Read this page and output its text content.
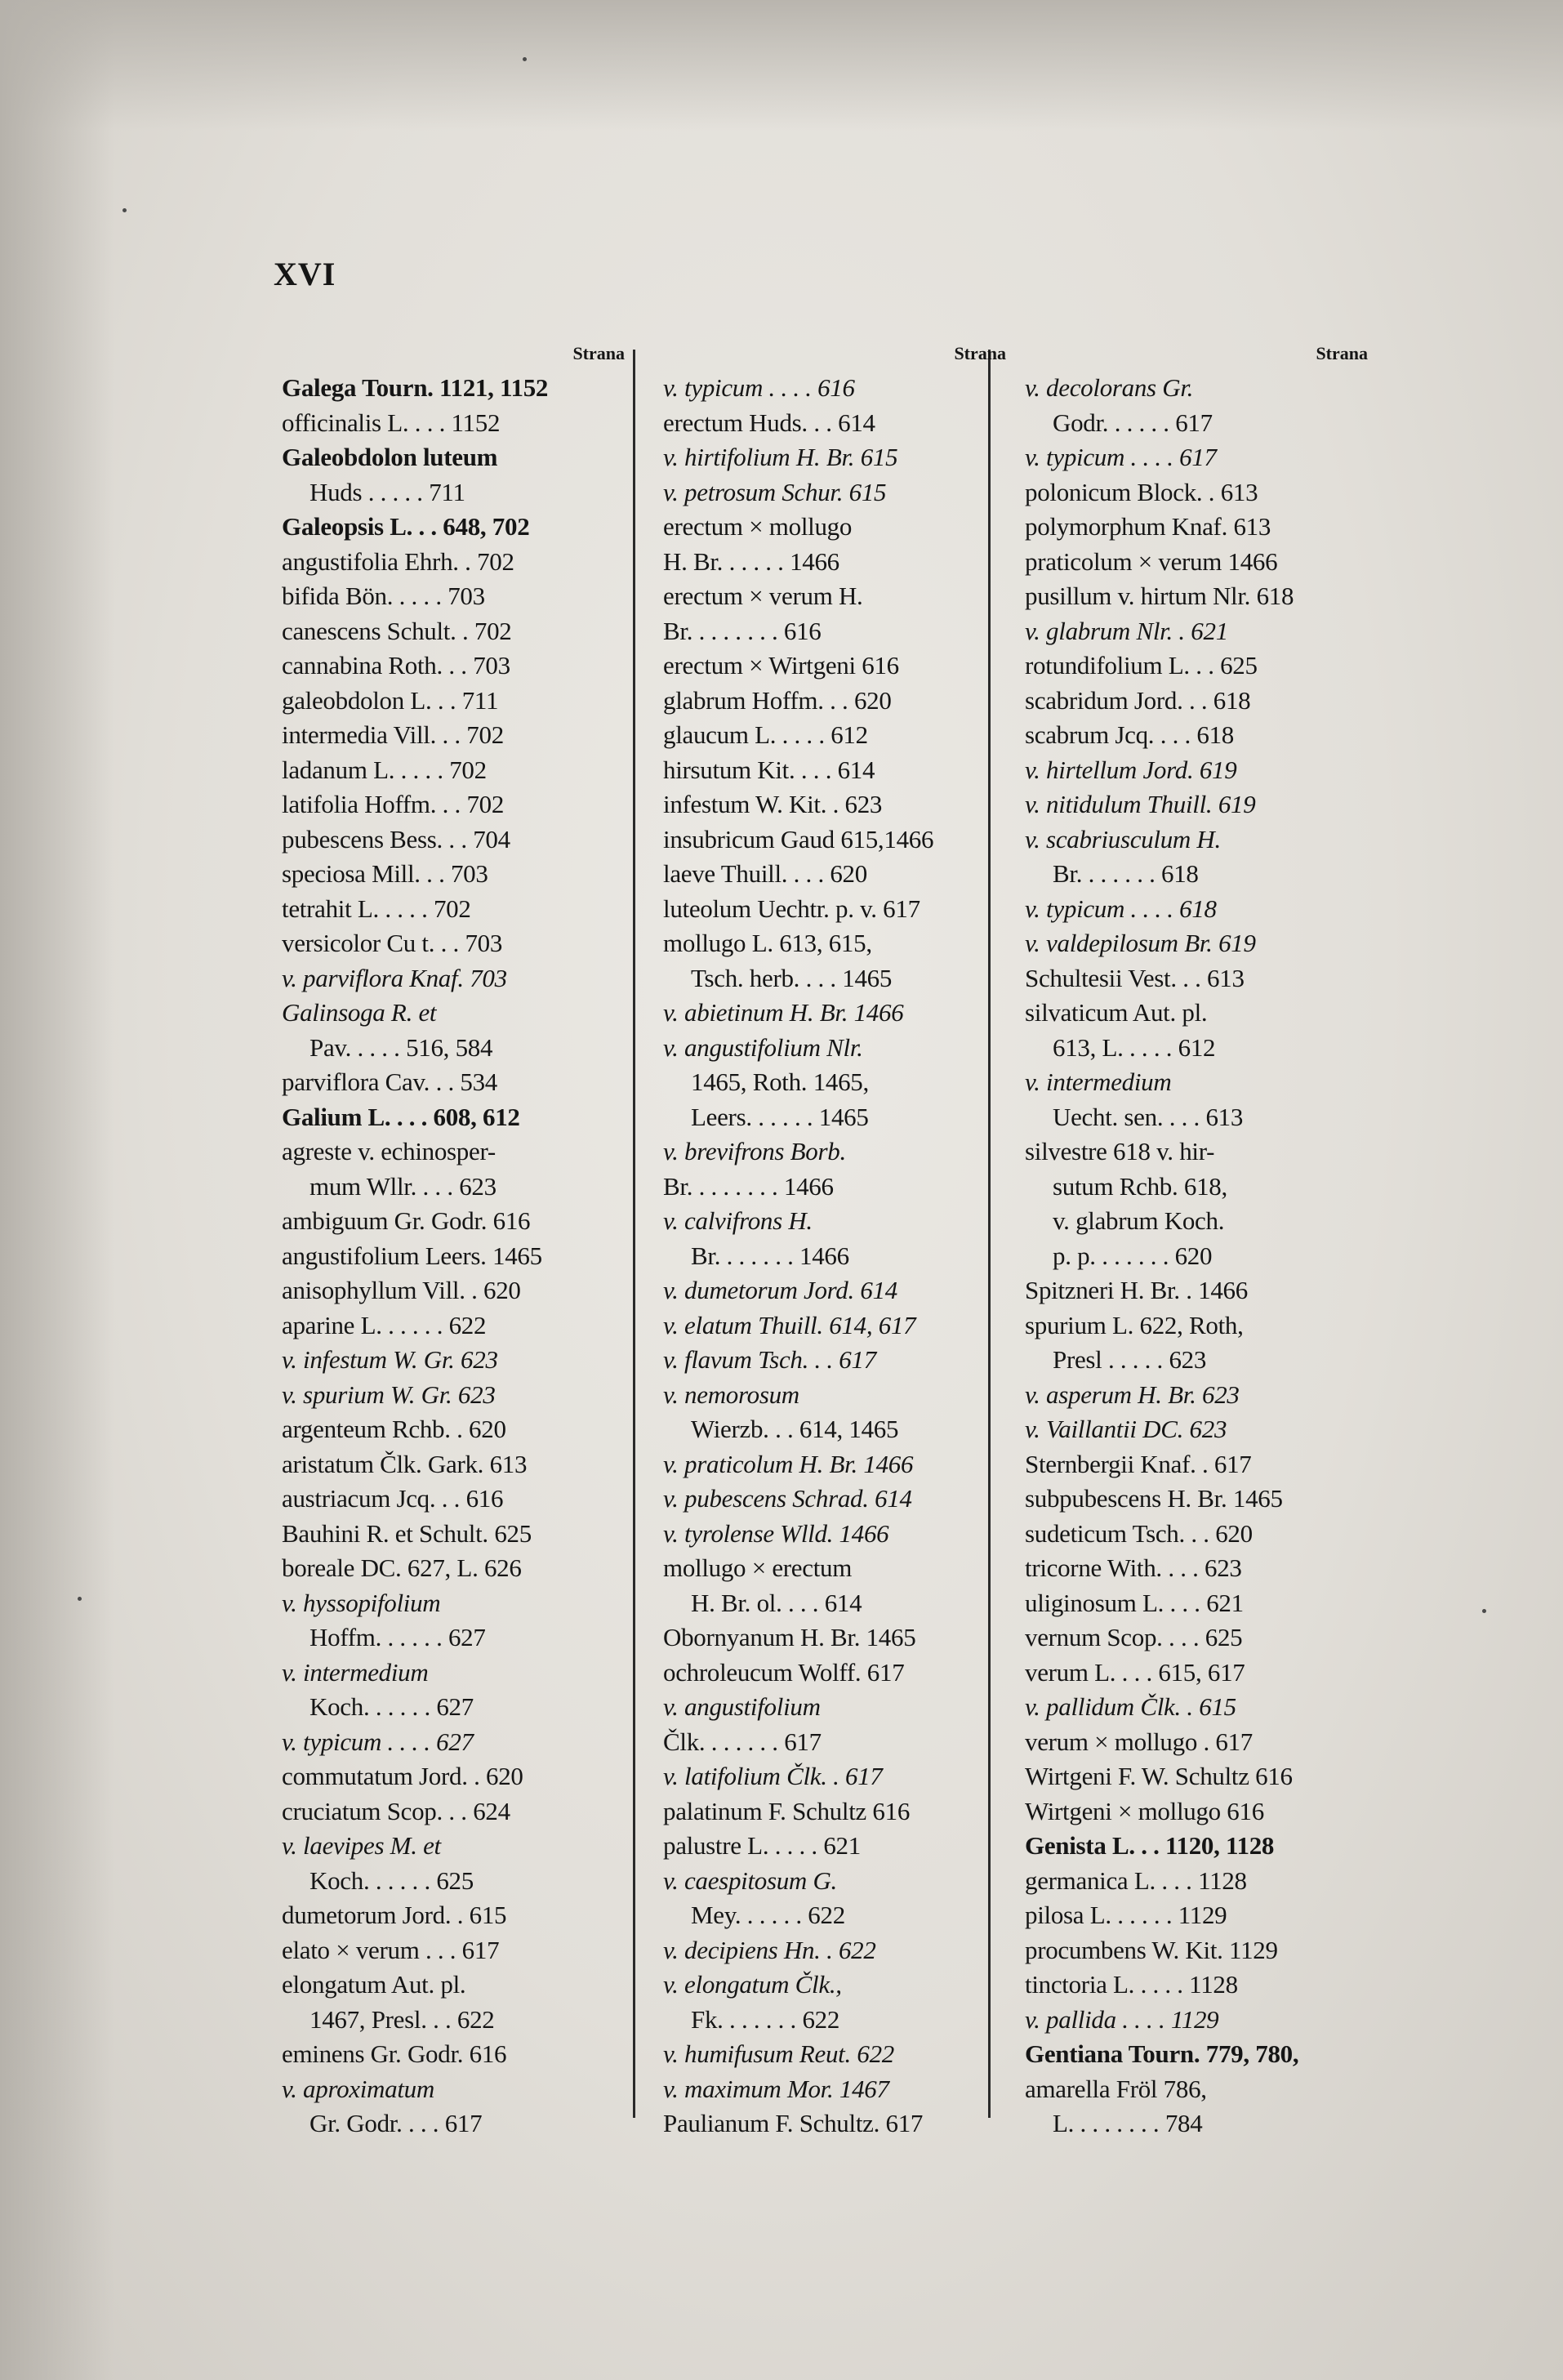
XVI
Strana
Galega Tourn. 1121, 1152
officinalis L. . . . 1152
Galeobdolon luteum
Huds . . . . . 711
Galeopsis L. . . 648, 702
angustifolia Ehrh. . 702
bifida Bön. . . . . 703
canescens Schult. . 702
cannabina Roth. . . 703
galeobdolon L. . . 711
intermedia Vill. . . 702
ladanum L. . . . . 702
latifolia Hoffm. . . 702
pubescens Bess. . . 704
speciosa Mill. . . 703
tetrahit L. . . . . 702
versicolor Cu t. . . 703
v. parviflora Knaf. 703
Galinsoga R. et
Pav. . . . . 516, 584
parviflora Cav. . . 534
Galium L. . . . 608, 612
agreste v. echinosper-
mum Wllr. . . . 623
ambiguum Gr. Godr. 616
angustifolium Leers. 1465
anisophyllum Vill. . 620
aparine L. . . . . . 622
v. infestum W. Gr. 623
v. spurium W. Gr. 623
argenteum Rchb. . 620
aristatum Člk. Gark. 613
austriacum Jcq. . . 616
Bauhini R. et Schult. 625
boreale DC. 627, L. 626
v. hyssopifolium
Hoffm. . . . . . 627
v. intermedium
Koch. . . . . . 627
v. typicum . . . . 627
commutatum Jord. . 620
cruciatum Scop. . . 624
v. laevipes M. et
Koch. . . . . . 625
dumetorum Jord. . 615
elato × verum . . . 617
elongatum Aut. pl.
1467, Presl. . . 622
eminens Gr. Godr. 616
v. aproximatum
Gr. Godr. . . . 617
Strana
v. typicum . . . . 616
erectum Huds. . . 614
v. hirtifolium H. Br. 615
v. petrosum Schur. 615
erectum × mollugo
H. Br. . . . . . 1466
erectum × verum H.
Br. . . . . . . . 616
erectum × Wirtgeni 616
glabrum Hoffm. . . 620
glaucum L. . . . . 612
hirsutum Kit. . . . 614
infestum W. Kit. . 623
insubricum Gaud 615,1466
laeve Thuill. . . . 620
luteolum Uechtr. p. v. 617
mollugo L. 613, 615,
Tsch. herb. . . . 1465
v. abietinum H. Br. 1466
v. angustifolium Nlr.
1465, Roth. 1465,
Leers. . . . . . 1465
v. brevifrons Borb.
Br. . . . . . . . 1466
v. calvifrons H.
Br. . . . . . . 1466
v. dumetorum Jord. 614
v. elatum Thuill. 614, 617
v. flavum Tsch. . . 617
v. nemorosum
Wierzb. . . 614, 1465
v. praticolum H. Br. 1466
v. pubescens Schrad. 614
v. tyrolense Wlld. 1466
mollugo × erectum
H. Br. ol. . . . 614
Obornyanum H. Br. 1465
ochroleucum Wolff. 617
v. angustifolium
Člk. . . . . . . 617
v. latifolium Člk. . 617
palatinum F. Schultz 616
palustre L. . . . . 621
v. caespitosum G.
Mey. . . . . . 622
v. decipiens Hn. . 622
v. elongatum Člk.,
Fk. . . . . . . 622
v. humifusum Reut. 622
v. maximum Mor. 1467
Paulianum F. Schultz. 617
Strana
v. decolorans Gr.
Godr. . . . . . 617
v. typicum . . . . 617
polonicum Block. . 613
polymorphum Knaf. 613
praticolum × verum 1466
pusillum v. hirtum Nlr. 618
v. glabrum Nlr. . 621
rotundifolium L. . . 625
scabridum Jord. . . 618
scabrum Jcq. . . . 618
v. hirtellum Jord. 619
v. nitidulum Thuill. 619
v. scabriusculum H.
Br. . . . . . . 618
v. typicum . . . . 618
v. valdepilosum Br. 619
Schultesii Vest. . . 613
silvaticum Aut. pl.
613, L. . . . . 612
v. intermedium
Uecht. sen. . . . 613
silvestre 618 v. hir-
sutum Rchb. 618,
v. glabrum Koch.
p. p. . . . . . . 620
Spitzneri H. Br. . 1466
spurium L. 622, Roth,
Presl . . . . . 623
v. asperum H. Br. 623
v. Vaillantii DC. 623
Sternbergii Knaf. . 617
subpubescens H. Br. 1465
sudeticum Tsch. . . 620
tricorne With. . . . 623
uliginosum L. . . . 621
vernum Scop. . . . 625
verum L. . . . 615, 617
v. pallidum Člk. . 615
verum × mollugo . 617
Wirtgeni F. W. Schultz 616
Wirtgeni × mollugo 616
Genista L. . . 1120, 1128
germanica L. . . . 1128
pilosa L. . . . . . 1129
procumbens W. Kit. 1129
tinctoria L. . . . . 1128
v. pallida . . . . 1129
Gentiana Tourn. 779, 780,
amarella Fröl 786,
L. . . . . . . . 784
